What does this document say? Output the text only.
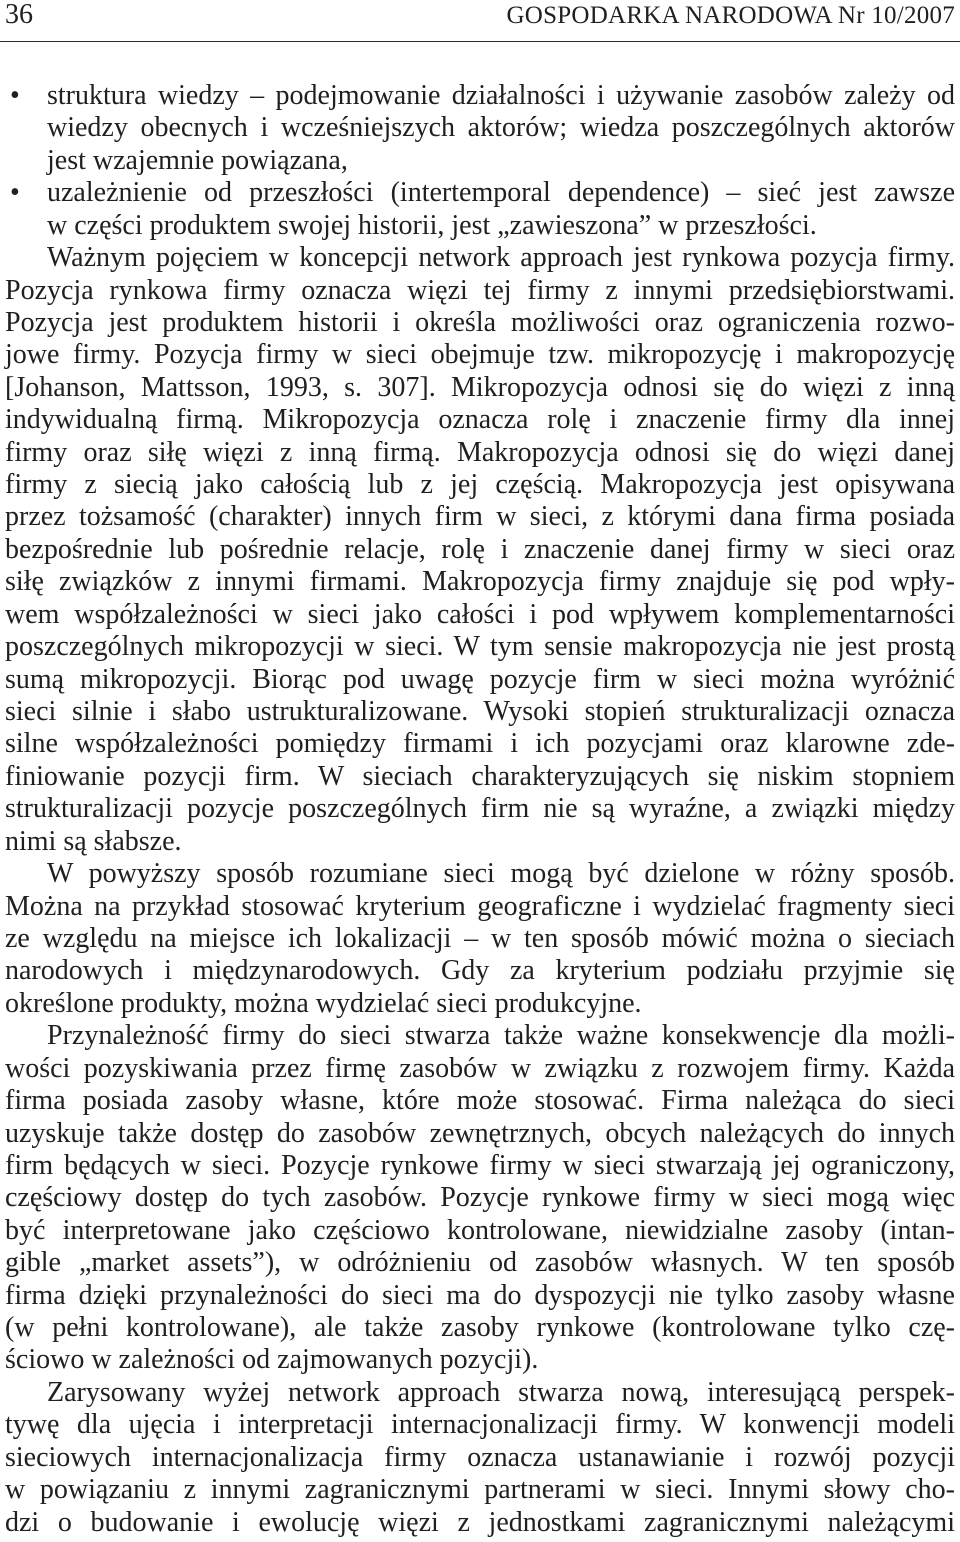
36	GOSPODARKA NARODOWA Nr 10/2007
• struktura wiedzy – podejmowanie działalności i używanie zasobów zależy od
wiedzy obecnych i wcześniejszych aktorów; wiedza poszczególnych aktorów
jest wzajemnie powiązana,
• uzależnienie od przeszłości (intertemporal dependence) – sieć jest zawsze
w części produktem swojej historii, jest „zawieszona” w przeszłości.
Ważnym pojęciem w koncepcji network approach jest rynkowa pozycja firmy.
Pozycja rynkowa firmy oznacza więzi tej firmy z innymi przedsiębiorstwami.
Pozycja jest produktem historii i określa możliwości oraz ograniczenia rozwo-
jowe firmy. Pozycja firmy w sieci obejmuje tzw. mikropozycję i makropozycję
[Johanson, Mattsson, 1993, s. 307]. Mikropozycja odnosi się do więzi z inną
indywidualną firmą. Mikropozycja oznacza rolę i znaczenie firmy dla innej
firmy oraz siłę więzi z inną firmą. Makropozycja odnosi się do więzi danej
firmy z siecią jako całością lub z jej częścią. Makropozycja jest opisywana
przez tożsamość (charakter) innych firm w sieci, z którymi dana firma posiada
bezpośrednie lub pośrednie relacje, rolę i znaczenie danej firmy w sieci oraz
siłę związków z innymi firmami. Makropozycja firmy znajduje się pod wpły-
wem współzależności w sieci jako całości i pod wpływem komplementarności
poszczególnych mikropozycji w sieci. W tym sensie makropozycja nie jest prostą
sumą mikropozycji. Biorąc pod uwagę pozycje firm w sieci można wyróżnić
sieci silnie i słabo ustrukturalizowane. Wysoki stopień strukturalizacji oznacza
silne współzależności pomiędzy firmami i ich pozycjami oraz klarowne zde-
finiowanie pozycji firm. W sieciach charakteryzujących się niskim stopniem
strukturalizacji pozycje poszczególnych firm nie są wyraźne, a związki między
nimi są słabsze.
W powyższy sposób rozumiane sieci mogą być dzielone w różny sposób.
Można na przykład stosować kryterium geograficzne i wydzielać fragmenty sieci
ze względu na miejsce ich lokalizacji – w ten sposób mówić można o sieciach
narodowych i międzynarodowych. Gdy za kryterium podziału przyjmie się
określone produkty, można wydzielać sieci produkcyjne.
Przynależność firmy do sieci stwarza także ważne konsekwencje dla możli-
wości pozyskiwania przez firmę zasobów w związku z rozwojem firmy. Każda
firma posiada zasoby własne, które może stosować. Firma należąca do sieci
uzyskuje także dostęp do zasobów zewnętrznych, obcych należących do innych
firm będących w sieci. Pozycje rynkowe firmy w sieci stwarzają jej ograniczony,
częściowy dostęp do tych zasobów. Pozycje rynkowe firmy w sieci mogą więc
być interpretowane jako częściowo kontrolowane, niewidzialne zasoby (intan-
gible „market assets”), w odróżnieniu od zasobów własnych. W ten sposób
firma dzięki przynależności do sieci ma do dyspozycji nie tylko zasoby własne
(w pełni kontrolowane), ale także zasoby rynkowe (kontrolowane tylko czę-
ściowo w zależności od zajmowanych pozycji).
Zarysowany wyżej network approach stwarza nową, interesującą perspek-
tywę dla ujęcia i interpretacji internacjonalizacji firmy. W konwencji modeli
sieciowych internacjonalizacja firmy oznacza ustanawianie i rozwój pozycji
w powiązaniu z innymi zagranicznymi partnerami w sieci. Innymi słowy cho-
dzi o budowanie i ewolucję więzi z jednostkami zagranicznymi należącymi
